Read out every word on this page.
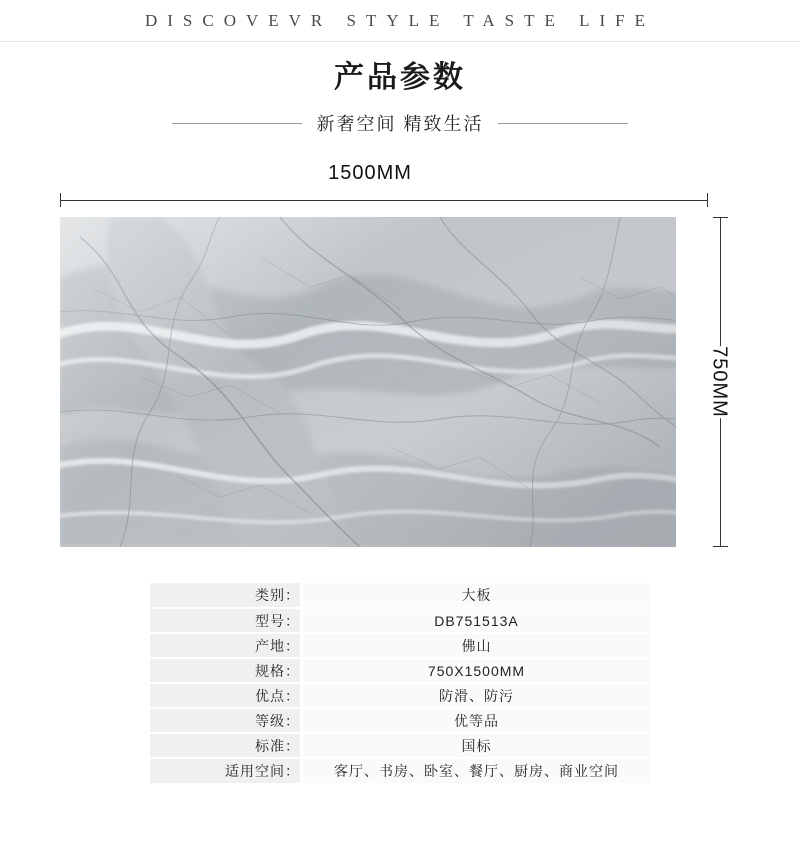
DISCOVEVR STYLE TASTE LIFE
产品参数
新奢空间 精致生活
1500MM
750MM
类别：	大板
型号：	DB751513A
产地：	佛山
规格：	750X1500MM
优点：	防滑、防污
等级：	优等品
标准：	国标
适用空间：	客厅、书房、卧室、餐厅、厨房、商业空间
